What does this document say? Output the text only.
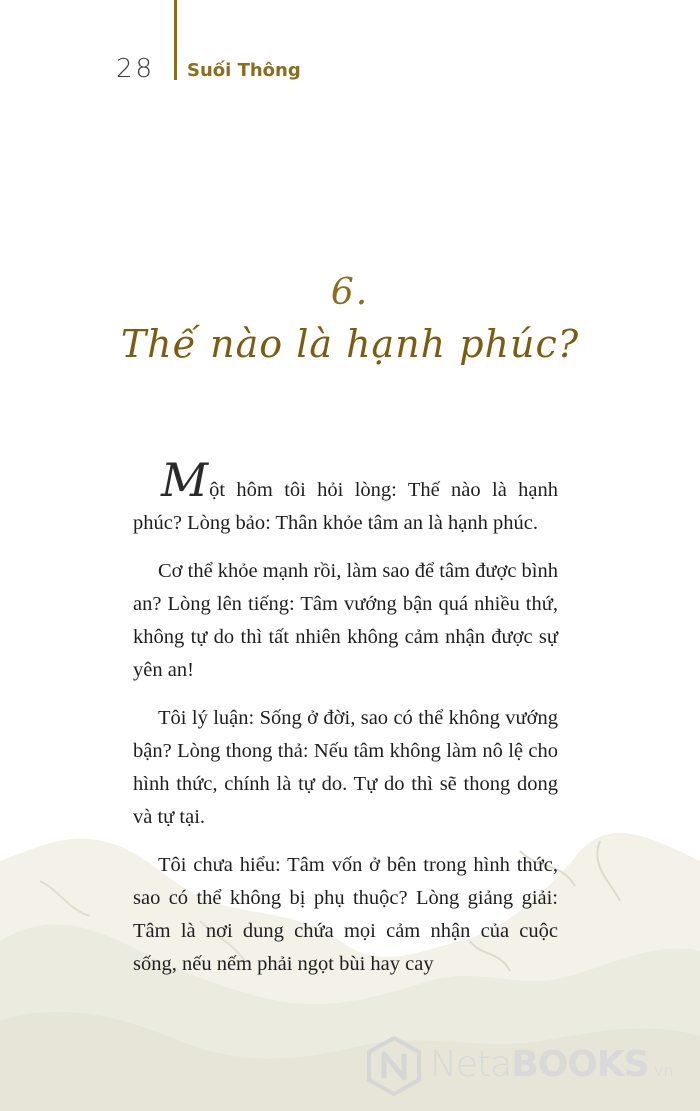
28 Suối Thông
6.
Thế nào là hạnh phúc?

Một hôm tôi hỏi lòng: Thế nào là hạnh phúc? Lòng bảo: Thân khỏe tâm an là hạnh phúc.

Cơ thể khỏe mạnh rồi, làm sao để tâm được bình an? Lòng lên tiếng: Tâm vướng bận quá nhiều thứ, không tự do thì tất nhiên không cảm nhận được sự yên an!

Tôi lý luận: Sống ở đời, sao có thể không vướng bận? Lòng thong thả: Nếu tâm không làm nô lệ cho hình thức, chính là tự do. Tự do thì sẽ thong dong và tự tại.

Tôi chưa hiểu: Tâm vốn ở bên trong hình thức, sao có thể không bị phụ thuộc? Lòng giảng giải: Tâm là nơi dung chứa mọi cảm nhận của cuộc sống, nếu nếm phải ngọt bùi hay cay

NetaBOOKS.vn
